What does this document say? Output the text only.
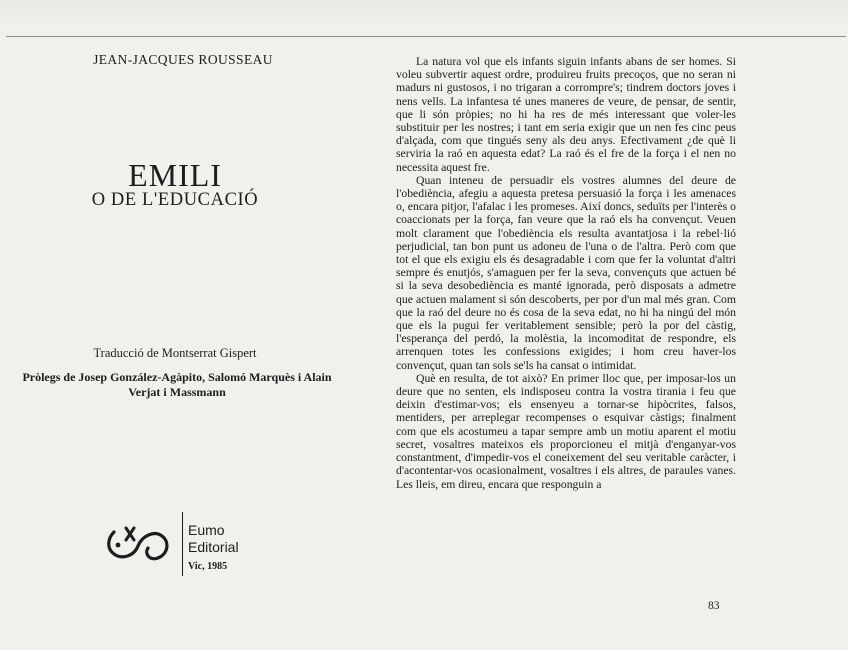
JEAN-JACQUES ROUSSEAU
EMILI
O DE L'EDUCACIÓ
Traducció de Montserrat Gispert
Pròlegs de Josep González-Agàpito, Salomó Marquès i Alain Verjat i Massmann
Eumo
Editorial
Vic, 1985

La natura vol que els infants siguin infants abans de ser homes. Si voleu subvertir aquest ordre, produireu fruits precoços, que no seran ni madurs ni gustosos, i no trigaran a corrompre's; tindrem doctors joves i nens vells. La infantesa té unes maneres de veure, de pensar, de sentir, que li són pròpies; no hi ha res de més interessant que voler-les substituir per les nostres; i tant em seria exigir que un nen fes cinc peus d'alçada, com que tingués seny als deu anys. Efectivament ¿de què li serviria la raó en aquesta edat? La raó és el fre de la força i el nen no necessita aquest fre.

Quan inteneu de persuadir els vostres alumnes del deure de l'obediència, afegiu a aquesta pretesa persuasió la força i les amenaces o, encara pitjor, l'afalac i les promeses. Així doncs, seduïts per l'interès o coaccionats per la força, fan veure que la raó els ha convençut. Veuen molt clarament que l'obediència els resulta avantatjosa i la rebel·lió perjudicial, tan bon punt us adoneu de l'una o de l'altra. Però com que tot el que els exigiu els és desagradable i com que fer la voluntat d'altri sempre és enutjós, s'amaguen per fer la seva, convençuts que actuen bé si la seva desobediència es manté ignorada, però disposats a admetre que actuen malament si són descoberts, per por d'un mal més gran. Com que la raó del deure no és cosa de la seva edat, no hi ha ningú del món que els la pugui fer veritablement sensible; però la por del càstig, l'esperança del perdó, la molèstia, la incomoditat de respondre, els arrenquen totes les confessions exigides; i hom creu haver-los convençut, quan tan sols se'ls ha cansat o intimidat.

Què en resulta, de tot això? En primer lloc que, per imposar-los un deure que no senten, els indisposeu contra la vostra tirania i feu que deixin d'estimar-vos; els ensenyeu a tornar-se hipòcrites, falsos, mentiders, per arreplegar recompenses o esquivar càstigs; finalment com que els acostumeu a tapar sempre amb un motiu aparent el motiu secret, vosaltres mateixos els proporcioneu el mitjà d'enganyar-vos constantment, d'impedir-vos el coneixement del seu veritable caràcter, i d'acontentar-vos ocasionalment, vosaltres i els altres, de paraules vanes. Les lleis, em direu, encara que responguin a

83
